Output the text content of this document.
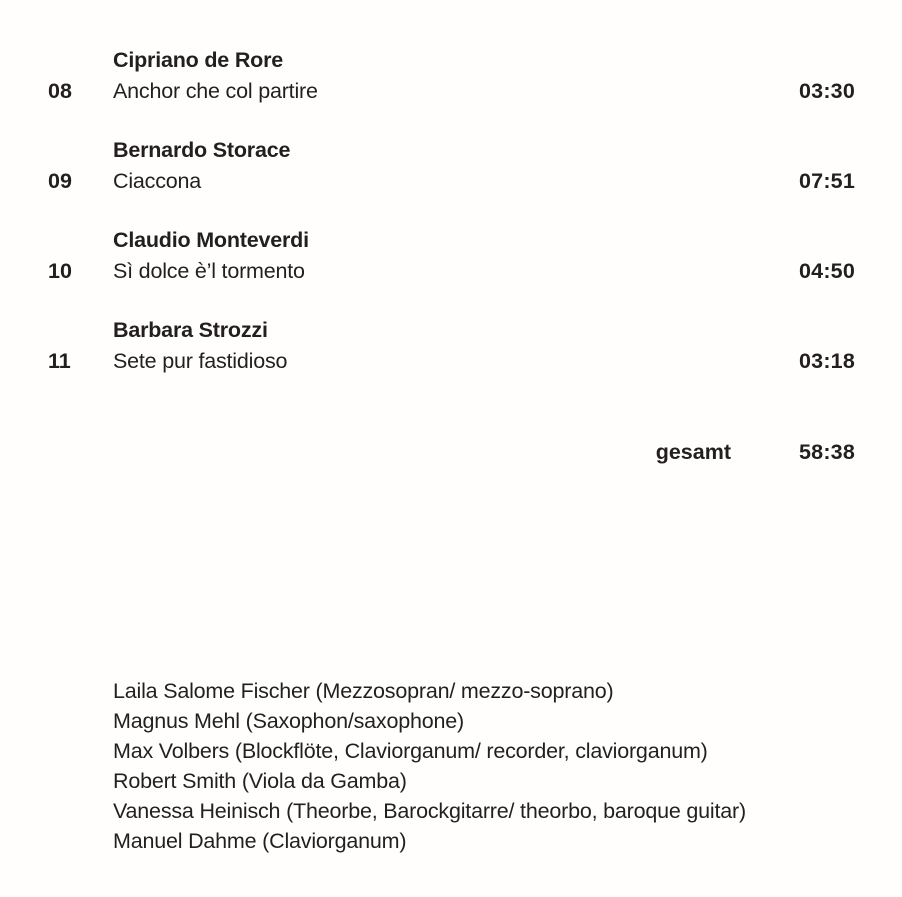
Cipriano de Rore
08	Anchor che col partire	03:30
Bernardo Storace
09	Ciaccona	07:51
Claudio Monteverdi
10	Sì dolce è’l tormento	04:50
Barbara Strozzi
11	Sete pur fastidioso	03:18
gesamt	58:38

Laila Salome Fischer (Mezzosopran/ mezzo-soprano)

Magnus Mehl (Saxophon/saxophone)

Max Volbers (Blockflöte, Claviorganum/ recorder, claviorganum)

Robert Smith (Viola da Gamba)

Vanessa Heinisch (Theorbe, Barockgitarre/ theorbo, baroque guitar)

Manuel Dahme (Claviorganum)
